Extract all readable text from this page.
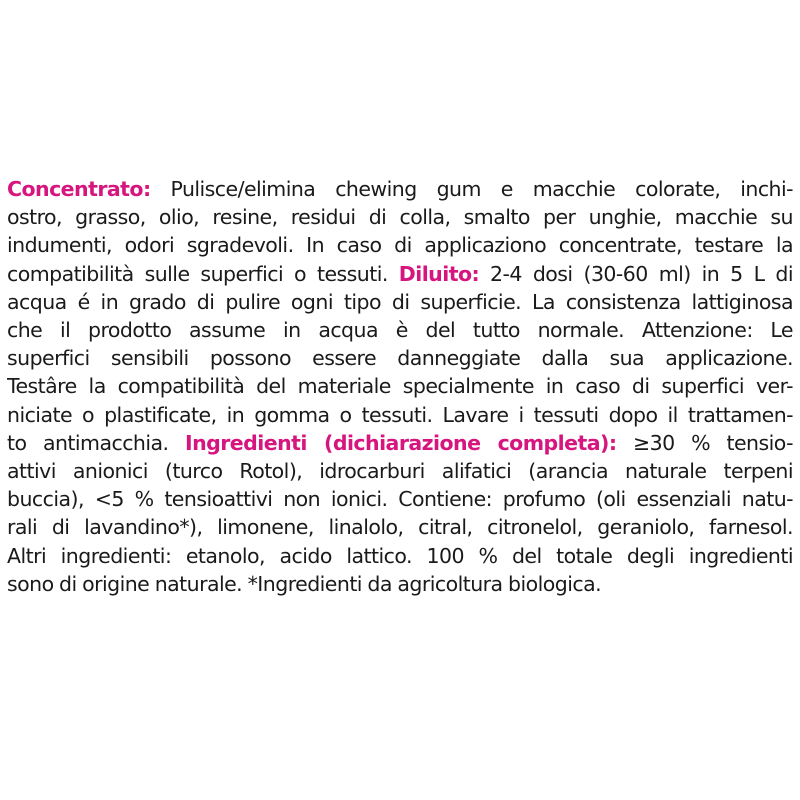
Concentrato: Pulisce/elimina chewing gum e macchie colorate, inchi-
ostro, grasso, olio, resine, residui di colla, smalto per unghie, macchie su
indumenti, odori sgradevoli. In caso di applicaziono concentrate, testare la
compatibilità sulle superfici o tessuti. Diluito: 2-4 dosi (30-60 ml) in 5 L di
acqua é in grado di pulire ogni tipo di superficie. La consistenza lattiginosa
che il prodotto assume in acqua è del tutto normale. Attenzione: Le
superfici sensibili possono essere danneggiate dalla sua applicazione.
Testâre la compatibilità del materiale specialmente in caso di superfici ver-
niciate o plastificate, in gomma o tessuti. Lavare i tessuti dopo il trattamen-
to antimacchia. Ingredienti (dichiarazione completa): ≥30 % tensio-
attivi anionici (turco Rotol), idrocarburi alifatici (arancia naturale terpeni
buccia), <5 % tensioattivi non ionici. Contiene: profumo (oli essenziali natu-
rali di lavandino*), limonene, linalolo, citral, citronelol, geraniolo, farnesol.
Altri ingredienti: etanolo, acido lattico. 100 % del totale degli ingredienti
sono di origine naturale. *Ingredienti da agricoltura biologica.
